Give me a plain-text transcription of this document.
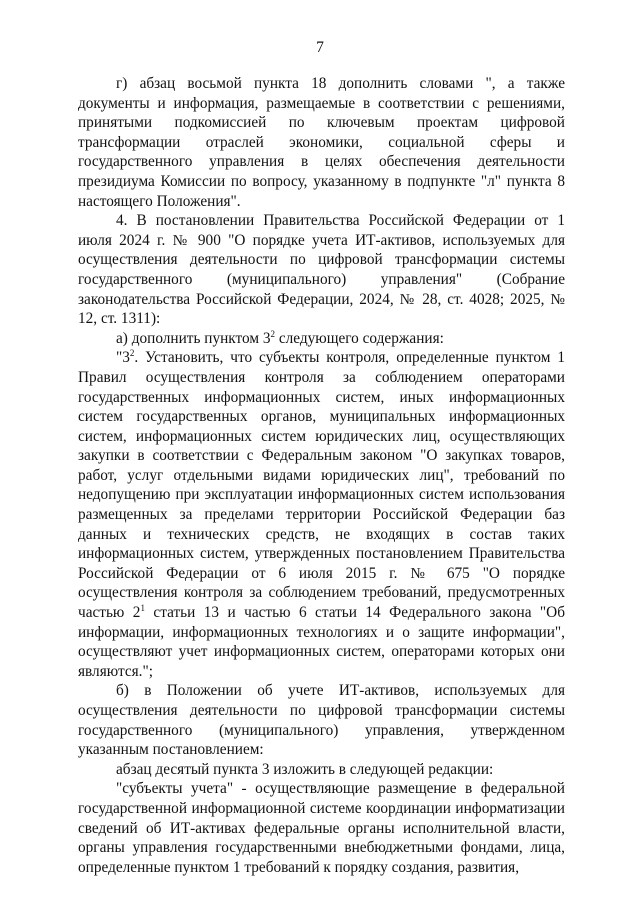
7

г) абзац восьмой пункта 18 дополнить словами ", а также документы и информация, размещаемые в соответствии с решениями, принятыми подкомиссией по ключевым проектам цифровой трансформации отраслей экономики, социальной сферы и государственного управления в целях обеспечения деятельности президиума Комиссии по вопросу, указанному в подпункте "л" пункта 8 настоящего Положения".

4. В постановлении Правительства Российской Федерации от 1 июля 2024 г. № 900 "О порядке учета ИТ-активов, используемых для осуществления деятельности по цифровой трансформации системы государственного (муниципального) управления" (Собрание законодательства Российской Федерации, 2024, № 28, ст. 4028; 2025, № 12, ст. 1311):

а) дополнить пунктом $3^2$ следующего содержания:

"$3^2$. Установить, что субъекты контроля, определенные пунктом 1 Правил осуществления контроля за соблюдением операторами государственных информационных систем, иных информационных систем государственных органов, муниципальных информационных систем, информационных систем юридических лиц, осуществляющих закупки в соответствии с Федеральным законом "О закупках товаров, работ, услуг отдельными видами юридических лиц", требований по недопущению при эксплуатации информационных систем использования размещенных за пределами территории Российской Федерации баз данных и технических средств, не входящих в состав таких информационных систем, утвержденных постановлением Правительства Российской Федерации от 6 июля 2015 г. № 675 "О порядке осуществления контроля за соблюдением требований, предусмотренных частью $2^1$ статьи 13 и частью 6 статьи 14 Федерального закона "Об информации, информационных технологиях и о защите информации", осуществляют учет информационных систем, операторами которых они являются.";

б) в Положении об учете ИТ-активов, используемых для осуществления деятельности по цифровой трансформации системы государственного (муниципального) управления, утвержденном указанным постановлением:

абзац десятый пункта 3 изложить в следующей редакции:

"субъекты учета" - осуществляющие размещение в федеральной государственной информационной системе координации информатизации сведений об ИТ-активах федеральные органы исполнительной власти, органы управления государственными внебюджетными фондами, лица, определенные пунктом 1 требований к порядку создания, развития,
